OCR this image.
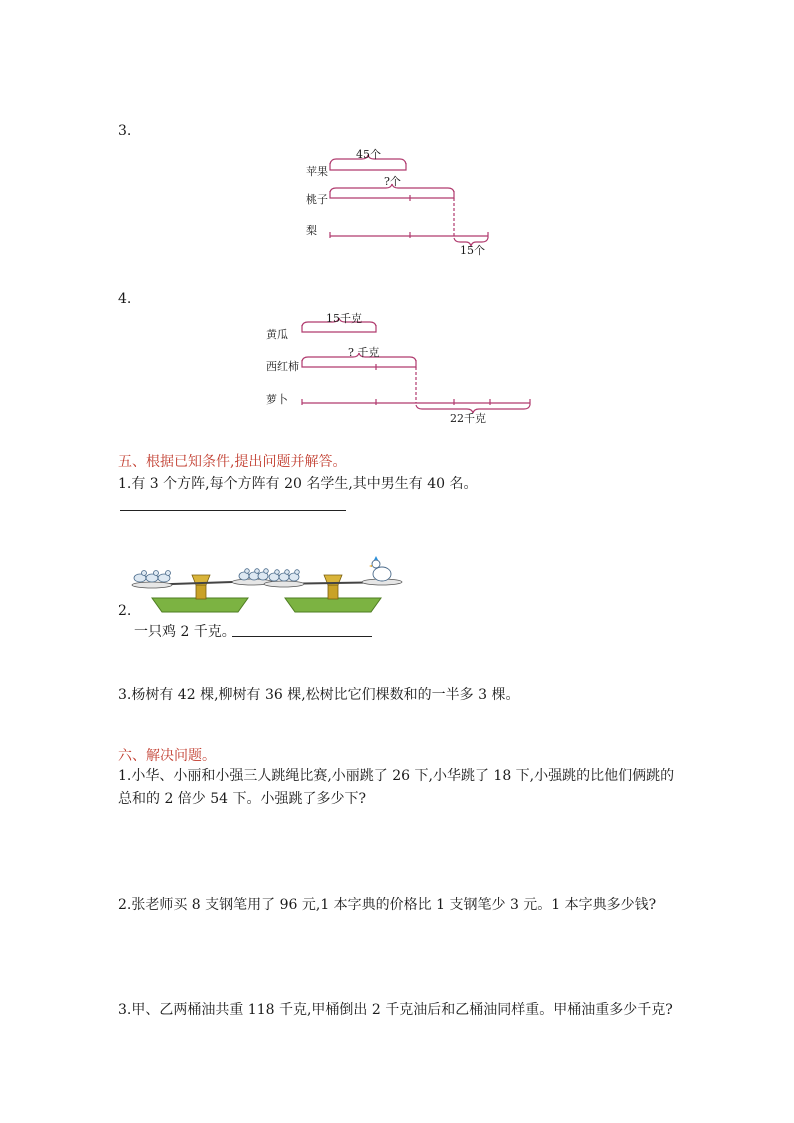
3.
45个
苹果
?个
桃子
梨
15个
4.
15千克
黄瓜
? 千克
西红柿
萝卜
22千克
五、根据已知条件,提出问题并解答。
1.有 3 个方阵,每个方阵有 20 名学生,其中男生有 40 名。
2.
一只鸡 2 千克。
3.杨树有 42 棵,柳树有 36 棵,松树比它们棵数和的一半多 3 棵。
六、解决问题。
1.小华、小丽和小强三人跳绳比赛,小丽跳了 26 下,小华跳了 18 下,小强跳的比他们俩跳的
总和的 2 倍少 54 下。小强跳了多少下?
2.张老师买 8 支钢笔用了 96 元,1 本字典的价格比 1 支钢笔少 3 元。1 本字典多少钱?
3.甲、乙两桶油共重 118 千克,甲桶倒出 2 千克油后和乙桶油同样重。甲桶油重多少千克?
